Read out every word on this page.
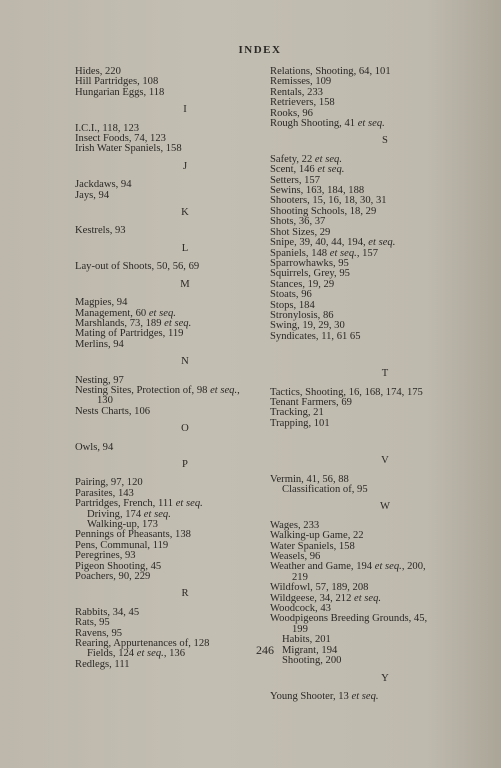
INDEX
Hides, 220
Hill Partridges, 108
Hungarian Eggs, 118
I
I.C.I., 118, 123
Insect Foods, 74, 123
Irish Water Spaniels, 158
J
Jackdaws, 94
Jays, 94
K
Kestrels, 93
L
Lay-out of Shoots, 50, 56, 69
M
Magpies, 94
Management, 60 et seq.
Marshlands, 73, 189 et seq.
Mating of Partridges, 119
Merlins, 94
N
Nesting, 97
Nesting Sites, Protection of, 98 et seq.,
130
Nests Charts, 106
O
Owls, 94
P
Pairing, 97, 120
Parasites, 143
Partridges, French, 111 et seq.
Driving, 174 et seq.
Walking-up, 173
Pennings of Pheasants, 138
Pens, Communal, 119
Peregrines, 93
Pigeon Shooting, 45
Poachers, 90, 229
R
Rabbits, 34, 45
Rats, 95
Ravens, 95
Rearing, Appurtenances of, 128
Fields, 124 et seq., 136
Redlegs, 111
Relations, Shooting, 64, 101
Remisses, 109
Rentals, 233
Retrievers, 158
Rooks, 96
Rough Shooting, 41 et seq.
S
Safety, 22 et seq.
Scent, 146 et seq.
Setters, 157
Sewins, 163, 184, 188
Shooters, 15, 16, 18, 30, 31
Shooting Schools, 18, 29
Shots, 36, 37
Shot Sizes, 29
Snipe, 39, 40, 44, 194, et seq.
Spaniels, 148 et seq., 157
Sparrowhawks, 95
Squirrels, Grey, 95
Stances, 19, 29
Stoats, 96
Stops, 184
Stronylosis, 86
Swing, 19, 29, 30
Syndicates, 11, 61 65
T
Tactics, Shooting, 16, 168, 174, 175
Tenant Farmers, 69
Tracking, 21
Trapping, 101
V
Vermin, 41, 56, 88
Classification of, 95
W
Wages, 233
Walking-up Game, 22
Water Spaniels, 158
Weasels, 96
Weather and Game, 194 et seq., 200,
219
Wildfowl, 57, 189, 208
Wildgeese, 34, 212 et seq.
Woodcock, 43
Woodpigeons Breeding Grounds, 45,
199
Habits, 201
Migrant, 194
Shooting, 200
Y
Young Shooter, 13 et seq.
246
